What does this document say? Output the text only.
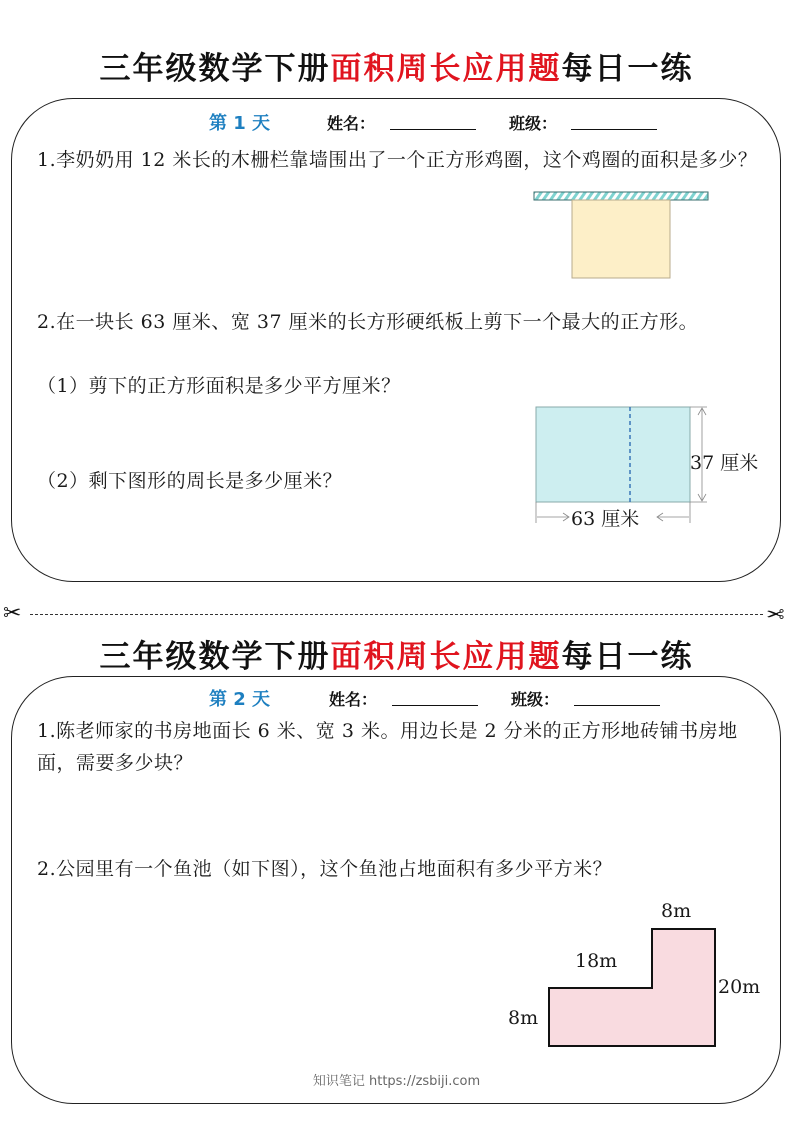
三年级数学下册面积周长应用题每日一练
第 1 天	姓名：	班级：
1.李奶奶用 12 米长的木栅栏靠墙围出了一个正方形鸡圈，这个鸡圈的面积是多少？
2.在一块长 63 厘米、宽 37 厘米的长方形硬纸板上剪下一个最大的正方形。
（1）剪下的正方形面积是多少平方厘米？
（2）剩下图形的周长是多少厘米？
37 厘米
63 厘米
✂	✂
三年级数学下册面积周长应用题每日一练
第 2 天	姓名：	班级：
1.陈老师家的书房地面长 6 米、宽 3 米。用边长是 2 分米的正方形地砖铺书房地面，需要多少块？
2.公园里有一个鱼池（如下图），这个鱼池占地面积有多少平方米？
8m
18m
20m
8m
知识笔记 https://zsbiji.com
